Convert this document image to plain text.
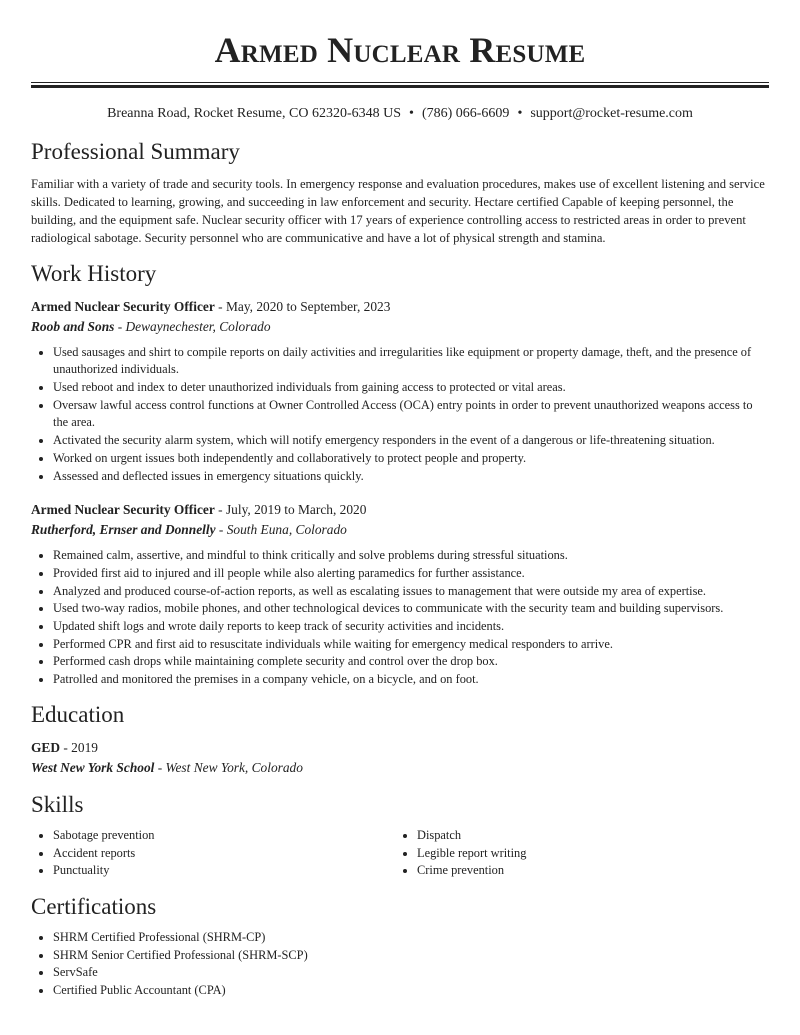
Armed Nuclear Resume
Breanna Road, Rocket Resume, CO 62320-6348 US • (786) 066-6609 • support@rocket-resume.com
Professional Summary
Familiar with a variety of trade and security tools. In emergency response and evaluation procedures, makes use of excellent listening and service skills. Dedicated to learning, growing, and succeeding in law enforcement and security. Hectare certified Capable of keeping personnel, the building, and the equipment safe. Nuclear security officer with 17 years of experience controlling access to restricted areas in order to prevent radiological sabotage. Security personnel who are communicative and have a lot of physical strength and stamina.
Work History
Armed Nuclear Security Officer - May, 2020 to September, 2023
Roob and Sons - Dewaynechester, Colorado
• Used sausages and shirt to compile reports on daily activities and irregularities like equipment or property damage, theft, and the presence of unauthorized individuals.
• Used reboot and index to deter unauthorized individuals from gaining access to protected or vital areas.
• Oversaw lawful access control functions at Owner Controlled Access (OCA) entry points in order to prevent unauthorized weapons access to the area.
• Activated the security alarm system, which will notify emergency responders in the event of a dangerous or life-threatening situation.
• Worked on urgent issues both independently and collaboratively to protect people and property.
• Assessed and deflected issues in emergency situations quickly.
Armed Nuclear Security Officer - July, 2019 to March, 2020
Rutherford, Ernser and Donnelly - South Euna, Colorado
• Remained calm, assertive, and mindful to think critically and solve problems during stressful situations.
• Provided first aid to injured and ill people while also alerting paramedics for further assistance.
• Analyzed and produced course-of-action reports, as well as escalating issues to management that were outside my area of expertise.
• Used two-way radios, mobile phones, and other technological devices to communicate with the security team and building supervisors.
• Updated shift logs and wrote daily reports to keep track of security activities and incidents.
• Performed CPR and first aid to resuscitate individuals while waiting for emergency medical responders to arrive.
• Performed cash drops while maintaining complete security and control over the drop box.
• Patrolled and monitored the premises in a company vehicle, on a bicycle, and on foot.
Education
GED - 2019
West New York School - West New York, Colorado
Skills
• Sabotage prevention
• Accident reports
• Punctuality
• Dispatch
• Legible report writing
• Crime prevention
Certifications
• SHRM Certified Professional (SHRM-CP)
• SHRM Senior Certified Professional (SHRM-SCP)
• ServSafe
• Certified Public Accountant (CPA)
